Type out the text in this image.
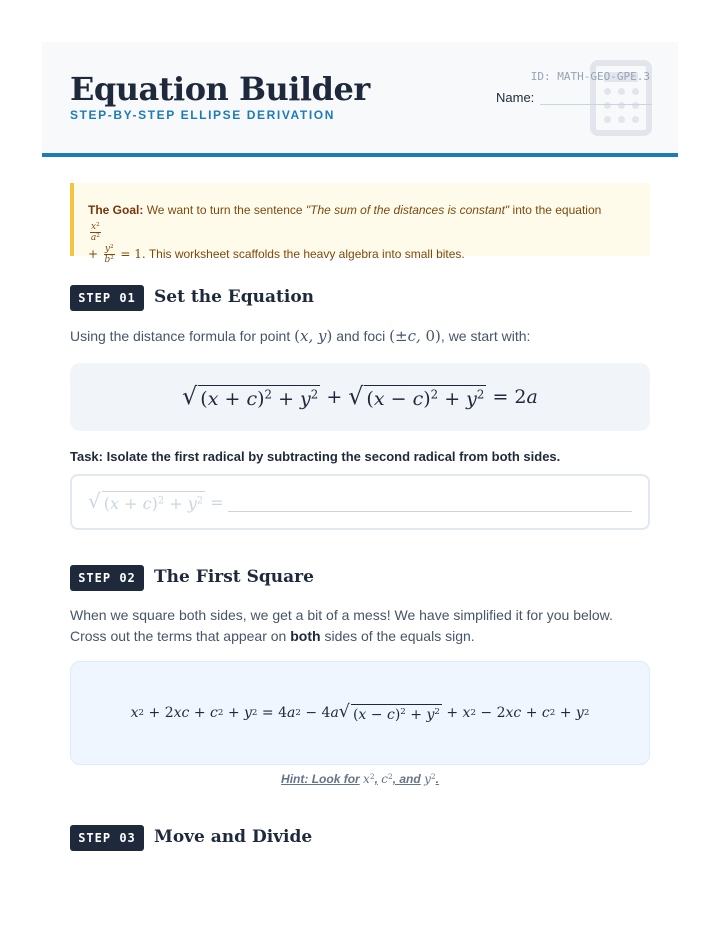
Equation Builder
STEP-BY-STEP ELLIPSE DERIVATION
ID: MATH-GEO-GPE.3
Name:
The Goal: We want to turn the sentence "The sum of the distances is constant" into the equation
$\frac{x^2}{a^2}$

+ $\frac{y^2}{b^2} = 1$. This worksheet scaffolds the heavy algebra into small bites.
STEP 01	Set the Equation

Using the distance formula for point (x, y) and foci (±c, 0), we start with:

√ $(x + c)^2 + y^2$
+
√ $(x - c)^2 + y^2$
=
2 a

Task: Isolate the first radical by subtracting the second radical from both sides.

√ $(x + c)^2 + y^2$ =
STEP 02	The First Square

When we square both sides, we get a bit of a mess! We have simplified it for you below. Cross out the terms that appear on both sides of the equals sign.

x 2
+ 2 xc + c 2
+ y 2
= 4 a 2
− 4 a √ $(x - c)^2 + y^2$
+ x 2
− 2 xc + c 2
+ y 2
Hint: Look for $x^2$, $c^2$, and $y^2$.
STEP 03	Move and Divide
